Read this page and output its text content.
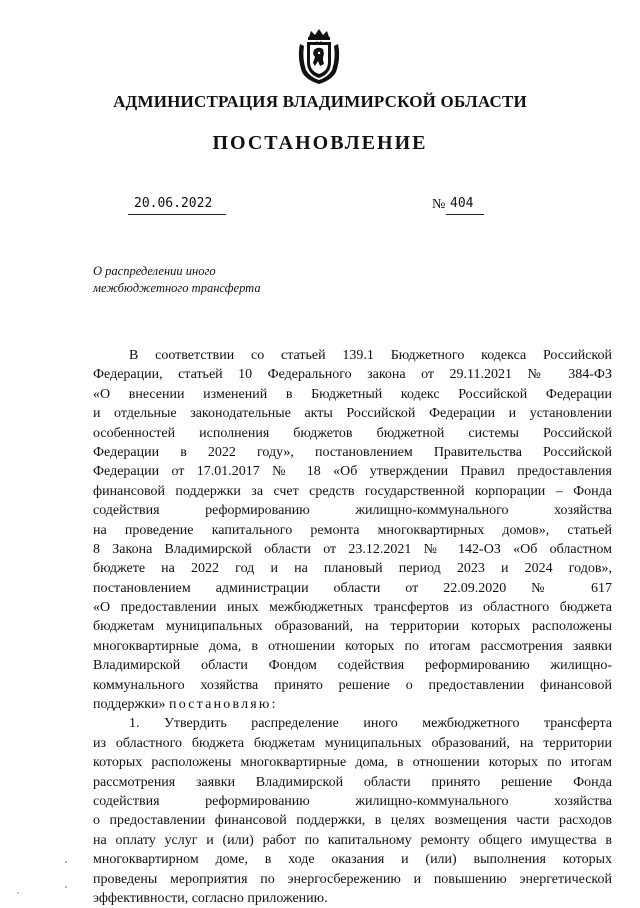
АДМИНИСТРАЦИЯ ВЛАДИМИРСКОЙ ОБЛАСТИ
ПОСТАНОВЛЕНИЕ
20.06.2022	№ 404
О распределении иного
межбюджетного трансферта
В соответствии со статьей 139.1 Бюджетного кодекса Российской
Федерации, статьей 10 Федерального закона от 29.11.2021 № 384-ФЗ
«О внесении изменений в Бюджетный кодекс Российской Федерации
и отдельные законодательные акты Российской Федерации и установлении
особенностей исполнения бюджетов бюджетной системы Российской
Федерации в 2022 году», постановлением Правительства Российской
Федерации от 17.01.2017 № 18 «Об утверждении Правил предоставления
финансовой поддержки за счет средств государственной корпорации – Фонда
содействия реформированию жилищно-коммунального хозяйства
на проведение капитального ремонта многоквартирных домов», статьей
8 Закона Владимирской области от 23.12.2021 № 142-ОЗ «Об областном
бюджете на 2022 год и на плановый период 2023 и 2024 годов»,
постановлением администрации области от 22.09.2020 № 617
«О предоставлении иных межбюджетных трансфертов из областного бюджета
бюджетам муниципальных образований, на территории которых расположены
многоквартирные дома, в отношении которых по итогам рассмотрения заявки
Владимирской области Фондом содействия реформированию жилищно-
коммунального хозяйства принято решение о предоставлении финансовой
поддержки» постановляю:
1. Утвердить распределение иного межбюджетного трансферта
из областного бюджета бюджетам муниципальных образований, на территории
которых расположены многоквартирные дома, в отношении которых по итогам
рассмотрения заявки Владимирской области принято решение Фонда
содействия реформированию жилищно-коммунального хозяйства
о предоставлении финансовой поддержки, в целях возмещения части расходов
на оплату услуг и (или) работ по капитальному ремонту общего имущества в
многоквартирном доме, в ходе оказания и (или) выполнения которых
проведены мероприятия по энергосбережению и повышению энергетической
эффективности, согласно приложению.
